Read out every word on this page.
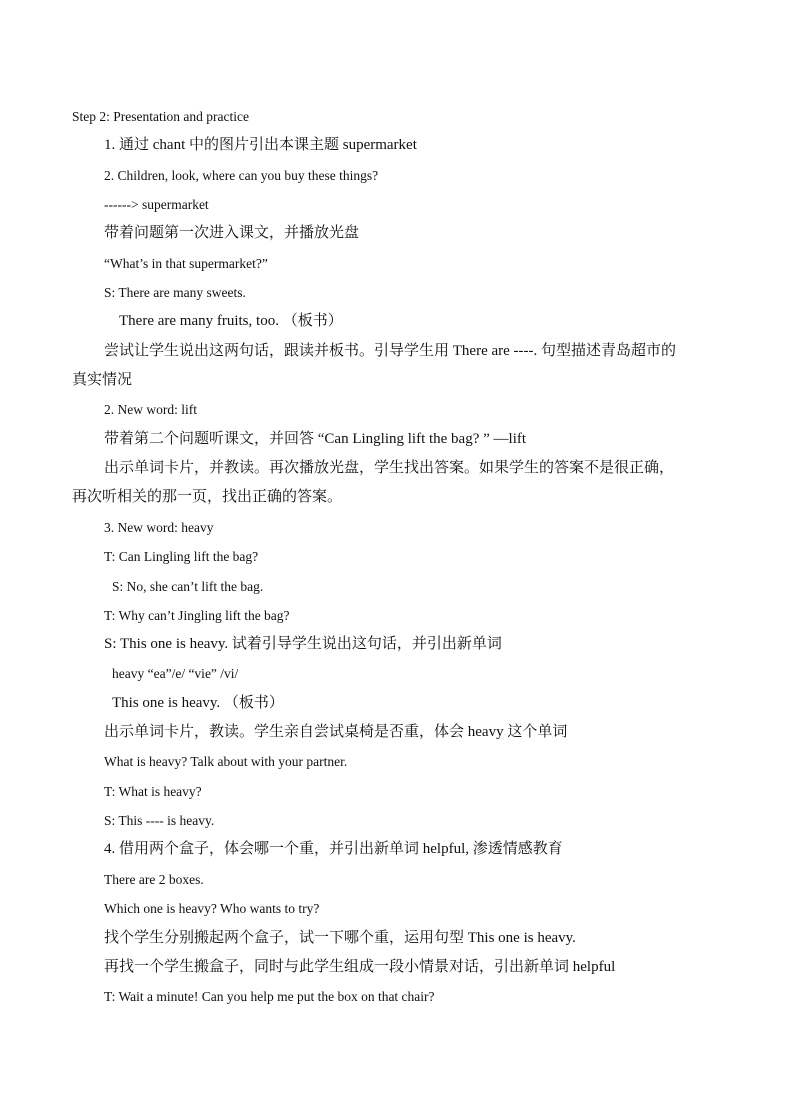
Step 2: Presentation and practice
1. 通过 chant 中的图片引出本课主题 supermarket
2. Children, look, where can you buy these things?
------> supermarket
带着问题第一次进入课文，并播放光盘
“What’s in that supermarket?”
S: There are many sweets.
There are many fruits, too. （板书）
尝试让学生说出这两句话，跟读并板书。引导学生用 There are ----. 句型描述青岛超市的
真实情况
2. New word: lift
带着第二个问题听课文，并回答 “Can Lingling lift the bag? ” —lift
出示单词卡片，并教读。再次播放光盘，学生找出答案。如果学生的答案不是很正确，
再次听相关的那一页，找出正确的答案。
3. New word: heavy
T: Can Lingling lift the bag?
S: No, she can’t lift the bag.
T: Why can’t Jingling lift the bag?
S: This one is heavy. 试着引导学生说出这句话，并引出新单词
heavy “ea”/e/ “vie” /vi/
This one is heavy. （板书）
出示单词卡片，教读。学生亲自尝试桌椅是否重，体会 heavy 这个单词
What is heavy? Talk about with your partner.
T: What is heavy?
S: This ---- is heavy.
4. 借用两个盒子，体会哪一个重，并引出新单词 helpful, 渗透情感教育
There are 2 boxes.
Which one is heavy? Who wants to try?
找个学生分别搬起两个盒子，试一下哪个重，运用句型 This one is heavy.
再找一个学生搬盒子，同时与此学生组成一段小情景对话，引出新单词 helpful
T: Wait a minute! Can you help me put the box on that chair?
